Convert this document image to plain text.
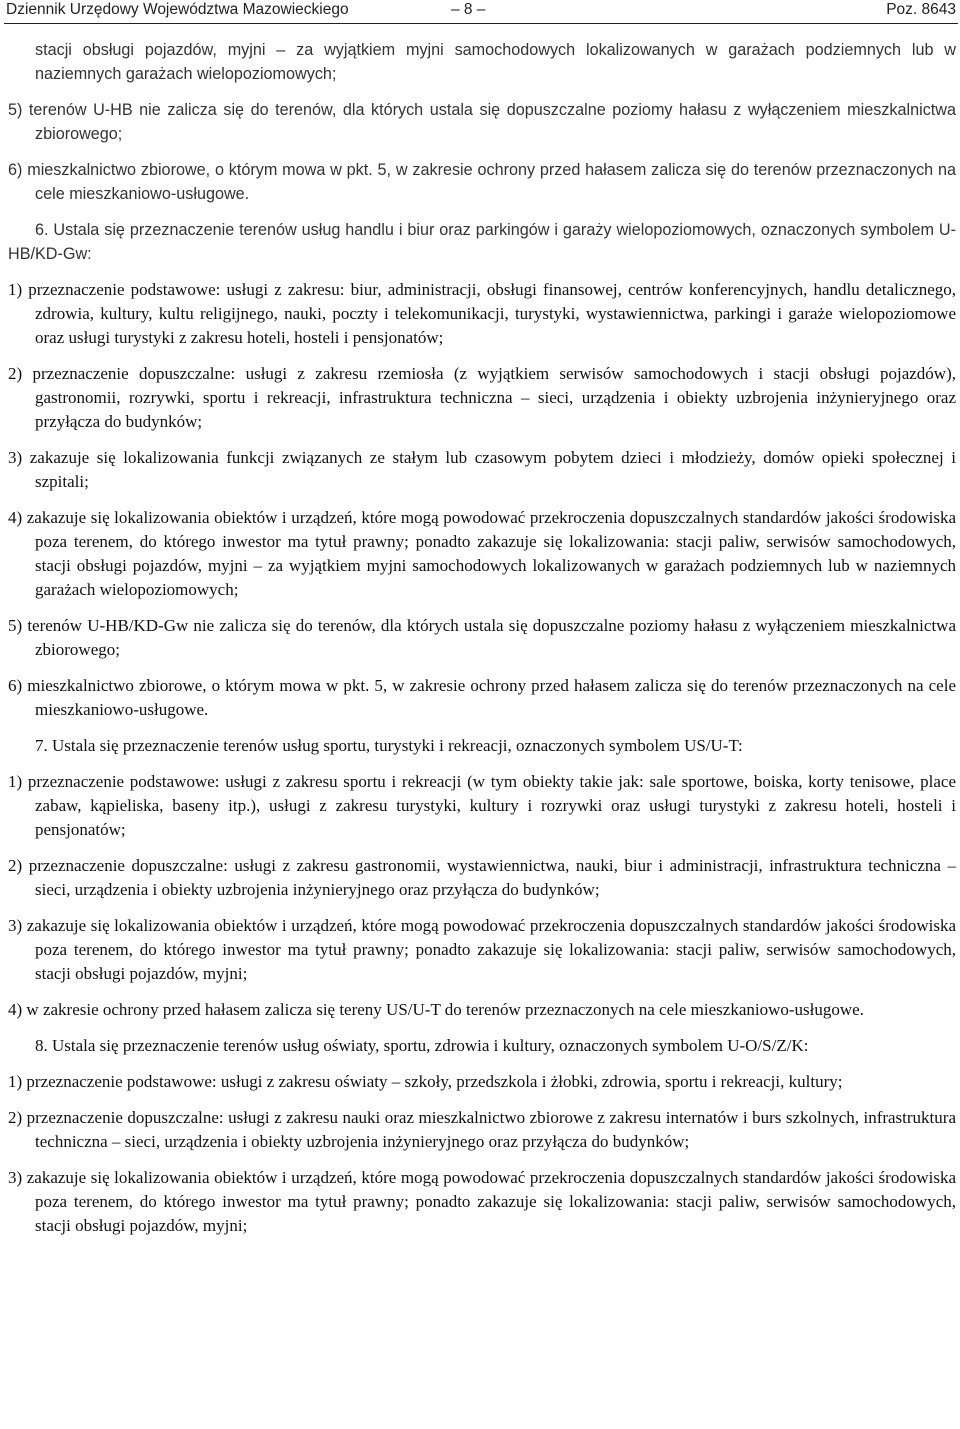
Dziennik Urzędowy Województwa Mazowieckiego	– 8 –	Poz. 8643

stacji obsługi pojazdów, myjni – za wyjątkiem myjni samochodowych lokalizowanych w garażach podziemnych lub w naziemnych garażach wielopoziomowych;

5) terenów U-HB nie zalicza się do terenów, dla których ustala się dopuszczalne poziomy hałasu z wyłączeniem mieszkalnictwa zbiorowego;

6) mieszkalnictwo zbiorowe, o którym mowa w pkt. 5, w zakresie ochrony przed hałasem zalicza się do terenów przeznaczonych na cele mieszkaniowo-usługowe.

6. Ustala się przeznaczenie terenów usług handlu i biur oraz parkingów i garaży wielopoziomowych, oznaczonych symbolem U-HB/KD-Gw:

1) przeznaczenie podstawowe: usługi z zakresu: biur, administracji, obsługi finansowej, centrów konferencyjnych, handlu detalicznego, zdrowia, kultury, kultu religijnego, nauki, poczty i telekomunikacji, turystyki, wystawiennictwa, parkingi i garaże wielopoziomowe oraz usługi turystyki z zakresu hoteli, hosteli i pensjonatów;

2) przeznaczenie dopuszczalne: usługi z zakresu rzemiosła (z wyjątkiem serwisów samochodowych i stacji obsługi pojazdów), gastronomii, rozrywki, sportu i rekreacji, infrastruktura techniczna – sieci, urządzenia i obiekty uzbrojenia inżynieryjnego oraz przyłącza do budynków;

3) zakazuje się lokalizowania funkcji związanych ze stałym lub czasowym pobytem dzieci i młodzieży, domów opieki społecznej i szpitali;

4) zakazuje się lokalizowania obiektów i urządzeń, które mogą powodować przekroczenia dopuszczalnych standardów jakości środowiska poza terenem, do którego inwestor ma tytuł prawny; ponadto zakazuje się lokalizowania: stacji paliw, serwisów samochodowych, stacji obsługi pojazdów, myjni – za wyjątkiem myjni samochodowych lokalizowanych w garażach podziemnych lub w naziemnych garażach wielopoziomowych;

5) terenów U-HB/KD-Gw nie zalicza się do terenów, dla których ustala się dopuszczalne poziomy hałasu z wyłączeniem mieszkalnictwa zbiorowego;

6) mieszkalnictwo zbiorowe, o którym mowa w pkt. 5, w zakresie ochrony przed hałasem zalicza się do terenów przeznaczonych na cele mieszkaniowo-usługowe.

7. Ustala się przeznaczenie terenów usług sportu, turystyki i rekreacji, oznaczonych symbolem US/U-T:

1) przeznaczenie podstawowe: usługi z zakresu sportu i rekreacji (w tym obiekty takie jak: sale sportowe, boiska, korty tenisowe, place zabaw, kąpieliska, baseny itp.), usługi z zakresu turystyki, kultury i rozrywki oraz usługi turystyki z zakresu hoteli, hosteli i pensjonatów;

2) przeznaczenie dopuszczalne: usługi z zakresu gastronomii, wystawiennictwa, nauki, biur i administracji, infrastruktura techniczna – sieci, urządzenia i obiekty uzbrojenia inżynieryjnego oraz przyłącza do budynków;

3) zakazuje się lokalizowania obiektów i urządzeń, które mogą powodować przekroczenia dopuszczalnych standardów jakości środowiska poza terenem, do którego inwestor ma tytuł prawny; ponadto zakazuje się lokalizowania: stacji paliw, serwisów samochodowych, stacji obsługi pojazdów, myjni;

4) w zakresie ochrony przed hałasem zalicza się tereny US/U-T do terenów przeznaczonych na cele mieszkaniowo-usługowe.

8. Ustala się przeznaczenie terenów usług oświaty, sportu, zdrowia i kultury, oznaczonych symbolem U-O/S/Z/K:

1) przeznaczenie podstawowe: usługi z zakresu oświaty – szkoły, przedszkola i żłobki, zdrowia, sportu i rekreacji, kultury;

2) przeznaczenie dopuszczalne: usługi z zakresu nauki oraz mieszkalnictwo zbiorowe z zakresu internatów i burs szkolnych, infrastruktura techniczna – sieci, urządzenia i obiekty uzbrojenia inżynieryjnego oraz przyłącza do budynków;

3) zakazuje się lokalizowania obiektów i urządzeń, które mogą powodować przekroczenia dopuszczalnych standardów jakości środowiska poza terenem, do którego inwestor ma tytuł prawny; ponadto zakazuje się lokalizowania: stacji paliw, serwisów samochodowych, stacji obsługi pojazdów, myjni;
